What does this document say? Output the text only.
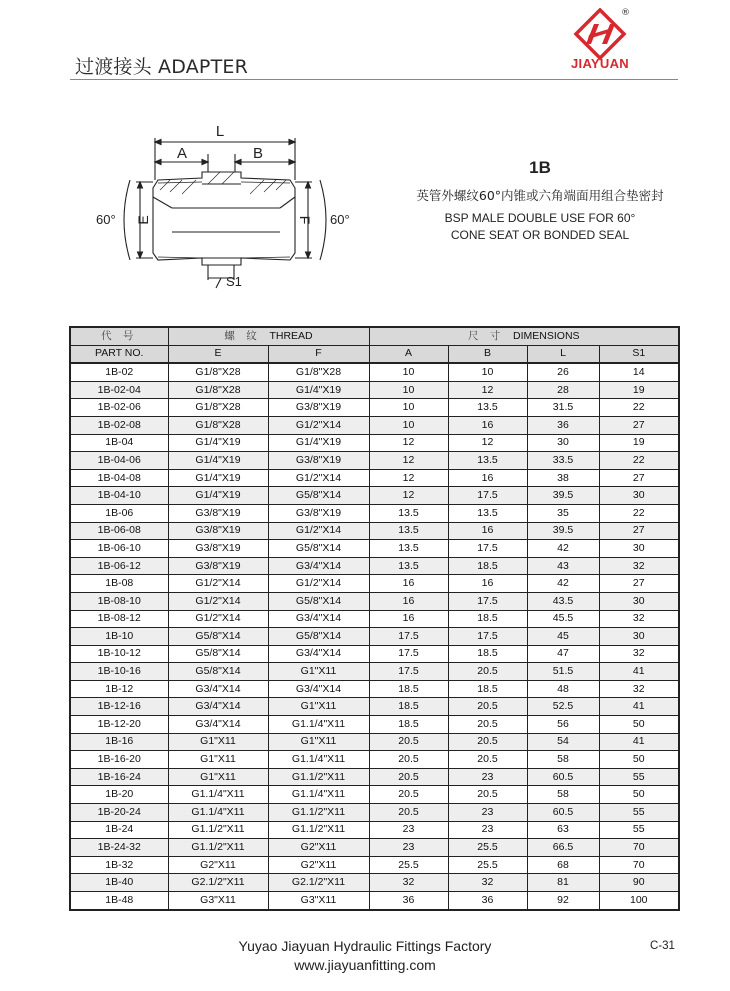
过渡接头 ADAPTER
®
JIAYUAN
L
A	B
E	F
S1
60°	60°
1B
英管外螺纹60°内锥或六角端面用组合垫密封
BSP MALE DOUBLE USE FOR 60°
CONE SEAT OR BONDED SEAL
代 号	螺 纹 THREAD		尺 寸 DIMENSIONS			
PART NO.	E	F	A	B	L	S1
1B-02	G1/8"X28	G1/8"X28	10	10	26	14
1B-02-04	G1/8"X28	G1/4"X19	10	12	28	19
1B-02-06	G1/8"X28	G3/8"X19	10	13.5	31.5	22
1B-02-08	G1/8"X28	G1/2"X14	10	16	36	27
1B-04	G1/4"X19	G1/4"X19	12	12	30	19
1B-04-06	G1/4"X19	G3/8"X19	12	13.5	33.5	22
1B-04-08	G1/4"X19	G1/2"X14	12	16	38	27
1B-04-10	G1/4"X19	G5/8"X14	12	17.5	39.5	30
1B-06	G3/8"X19	G3/8"X19	13.5	13.5	35	22
1B-06-08	G3/8"X19	G1/2"X14	13.5	16	39.5	27
1B-06-10	G3/8"X19	G5/8"X14	13.5	17.5	42	30
1B-06-12	G3/8"X19	G3/4"X14	13.5	18.5	43	32
1B-08	G1/2"X14	G1/2"X14	16	16	42	27
1B-08-10	G1/2"X14	G5/8"X14	16	17.5	43.5	30
1B-08-12	G1/2"X14	G3/4"X14	16	18.5	45.5	32
1B-10	G5/8"X14	G5/8"X14	17.5	17.5	45	30
1B-10-12	G5/8"X14	G3/4"X14	17.5	18.5	47	32
1B-10-16	G5/8"X14	G1"X11	17.5	20.5	51.5	41
1B-12	G3/4"X14	G3/4"X14	18.5	18.5	48	32
1B-12-16	G3/4"X14	G1"X11	18.5	20.5	52.5	41
1B-12-20	G3/4"X14	G1.1/4"X11	18.5	20.5	56	50
1B-16	G1"X11	G1"X11	20.5	20.5	54	41
1B-16-20	G1"X11	G1.1/4"X11	20.5	20.5	58	50
1B-16-24	G1"X11	G1.1/2"X11	20.5	23	60.5	55
1B-20	G1.1/4"X11	G1.1/4"X11	20.5	20.5	58	50
1B-20-24	G1.1/4"X11	G1.1/2"X11	20.5	23	60.5	55
1B-24	G1.1/2"X11	G1.1/2"X11	23	23	63	55
1B-24-32	G1.1/2"X11	G2"X11	23	25.5	66.5	70
1B-32	G2"X11	G2"X11	25.5	25.5	68	70
1B-40	G2.1/2"X11	G2.1/2"X11	32	32	81	90
1B-48	G3"X11	G3"X11	36	36	92	100
Yuyao Jiayuan Hydraulic Fittings Factory
www.jiayuanfitting.com
C-31
